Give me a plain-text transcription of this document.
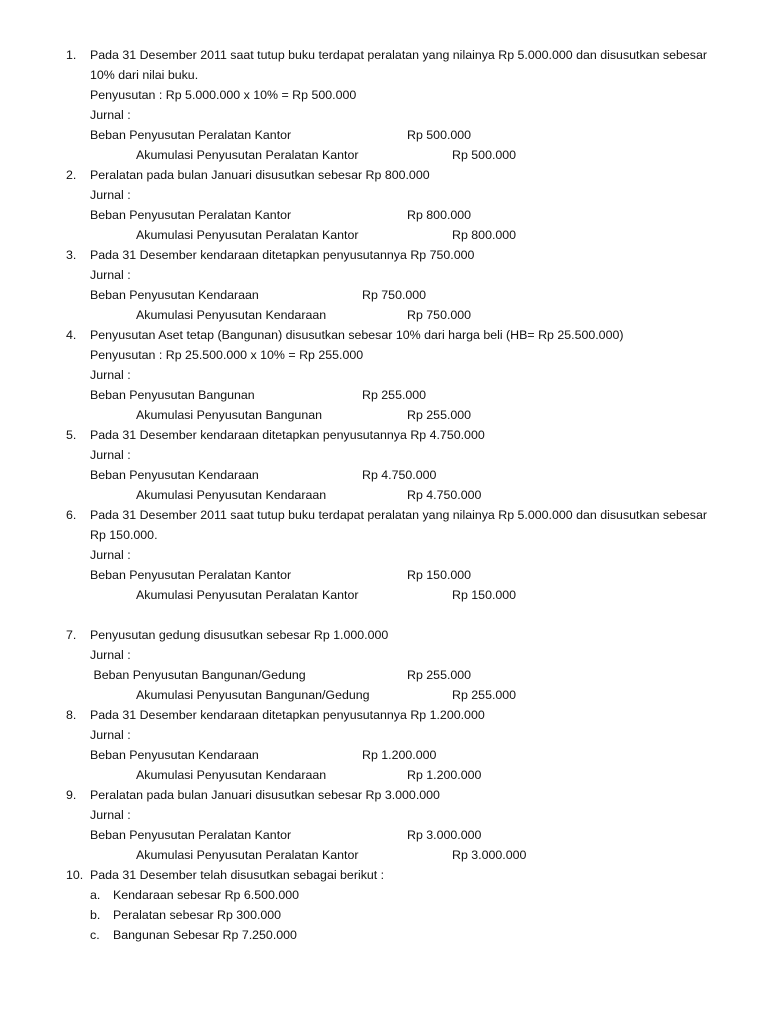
1. Pada 31 Desember 2011 saat tutup buku terdapat peralatan yang nilainya Rp 5.000.000 dan disusutkan sebesar
10% dari nilai buku.
Penyusutan : Rp 5.000.000 x 10% = Rp 500.000
Jurnal :
Beban Penyusutan Peralatan Kantor	Rp 500.000
Akumulasi Penyusutan Peralatan Kantor	Rp 500.000
2. Peralatan pada bulan Januari disusutkan sebesar Rp 800.000
Jurnal :
Beban Penyusutan Peralatan Kantor	Rp 800.000
Akumulasi Penyusutan Peralatan Kantor	Rp 800.000
3. Pada 31 Desember kendaraan ditetapkan penyusutannya Rp 750.000
Jurnal :
Beban Penyusutan Kendaraan	Rp 750.000
Akumulasi Penyusutan Kendaraan	Rp 750.000
4. Penyusutan Aset tetap (Bangunan) disusutkan sebesar 10% dari harga beli (HB= Rp 25.500.000)
Penyusutan : Rp 25.500.000 x 10% = Rp 255.000
Jurnal :
Beban Penyusutan Bangunan	Rp 255.000
Akumulasi Penyusutan Bangunan	Rp 255.000
5. Pada 31 Desember kendaraan ditetapkan penyusutannya Rp 4.750.000
Jurnal :
Beban Penyusutan Kendaraan	Rp 4.750.000
Akumulasi Penyusutan Kendaraan	Rp 4.750.000
6. Pada 31 Desember 2011 saat tutup buku terdapat peralatan yang nilainya Rp 5.000.000 dan disusutkan sebesar
Rp 150.000.
Jurnal :
Beban Penyusutan Peralatan Kantor	Rp 150.000
Akumulasi Penyusutan Peralatan Kantor	Rp 150.000
7. Penyusutan gedung disusutkan sebesar Rp 1.000.000
Jurnal :
Beban Penyusutan Bangunan/Gedung	Rp 255.000
Akumulasi Penyusutan Bangunan/Gedung	Rp 255.000
8. Pada 31 Desember kendaraan ditetapkan penyusutannya Rp 1.200.000
Jurnal :
Beban Penyusutan Kendaraan	Rp 1.200.000
Akumulasi Penyusutan Kendaraan	Rp 1.200.000
9. Peralatan pada bulan Januari disusutkan sebesar Rp 3.000.000
Jurnal :
Beban Penyusutan Peralatan Kantor	Rp 3.000.000
Akumulasi Penyusutan Peralatan Kantor	Rp 3.000.000
10. Pada 31 Desember telah disusutkan sebagai berikut :
a. Kendaraan sebesar Rp 6.500.000
b. Peralatan sebesar Rp 300.000
c. Bangunan Sebesar Rp 7.250.000
